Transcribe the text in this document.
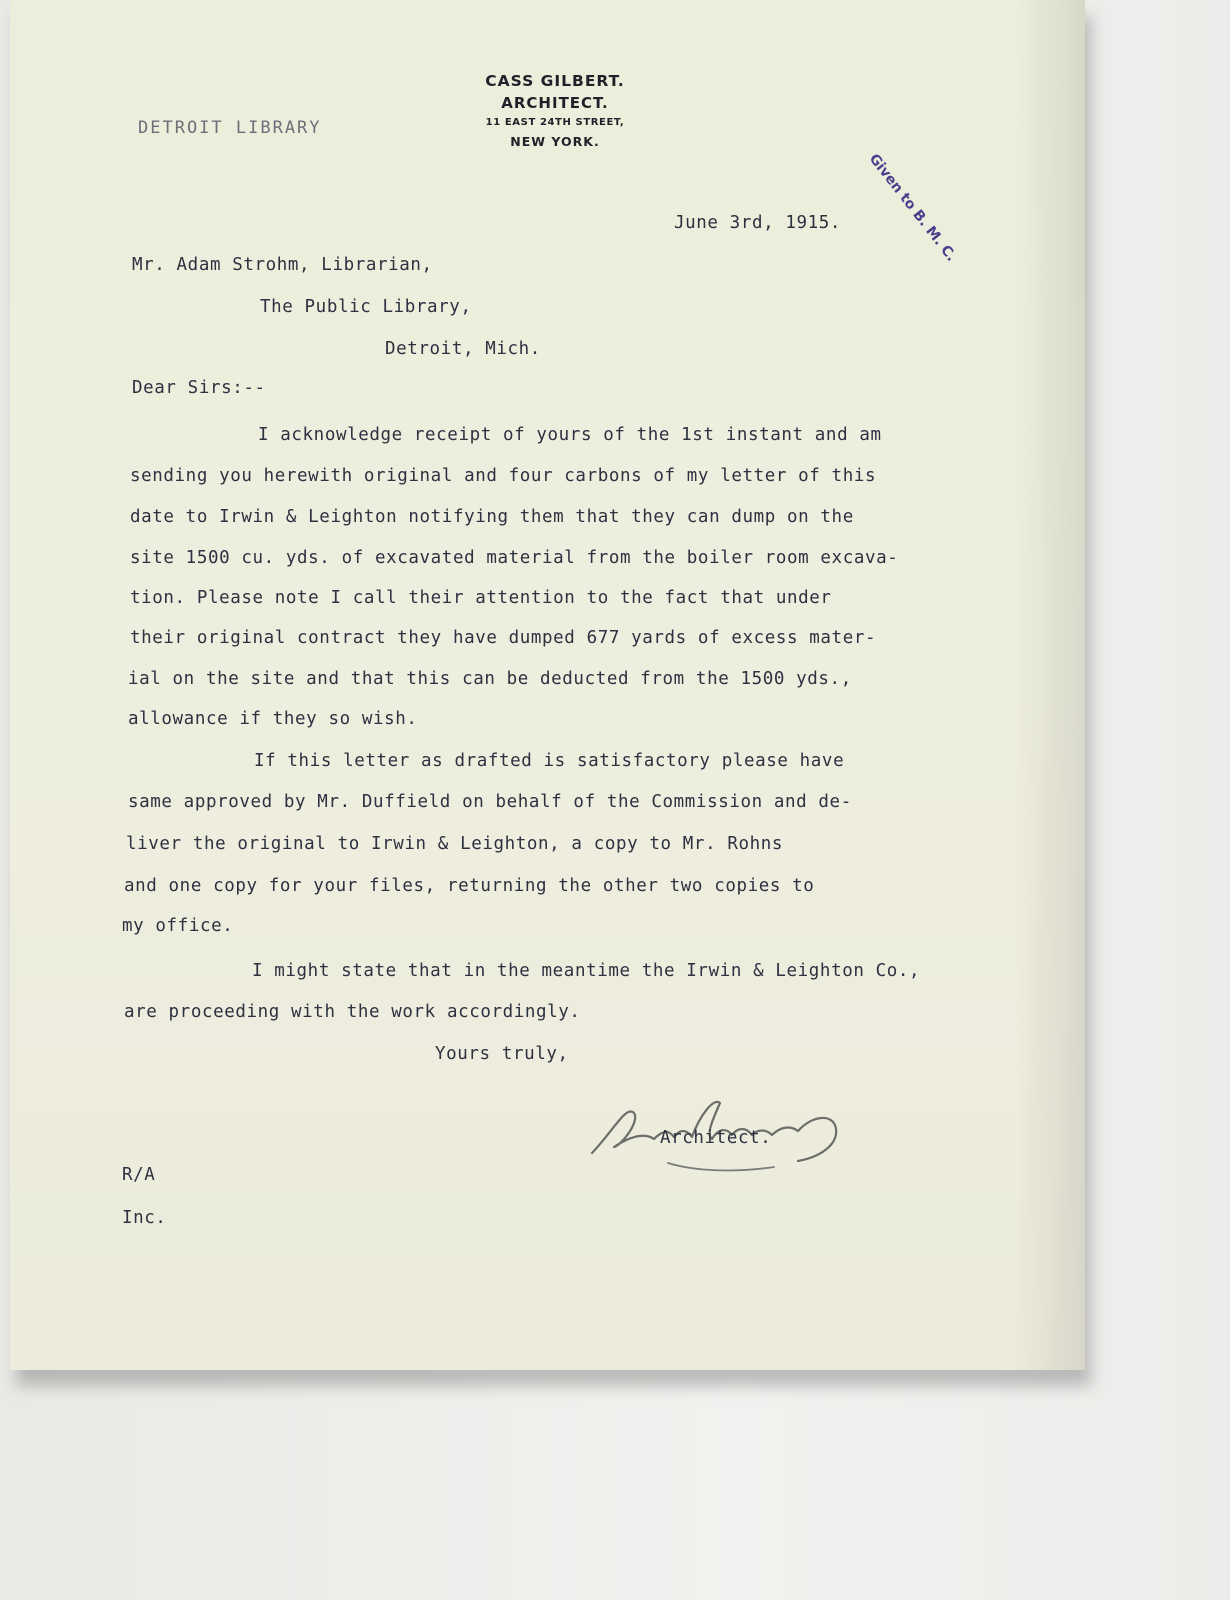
DETROIT LIBRARY
CASS GILBERT.
ARCHITECT.
11 EAST 24TH STREET,
NEW YORK.
Given to B. M. C.
June 3rd, 1915.
Mr. Adam Strohm, Librarian,
The Public Library,
Detroit, Mich.
Dear Sirs:--
I acknowledge receipt of yours of the 1st instant and am
sending you herewith original and four carbons of my letter of this
date to Irwin & Leighton notifying them that they can dump on the
site 1500 cu. yds. of excavated material from the boiler room excava-
tion. Please note I call their attention to the fact that under
their original contract they have dumped 677 yards of excess mater-
ial on the site and that this can be deducted from the 1500 yds.,
allowance if they so wish.
If this letter as drafted is satisfactory please have
same approved by Mr. Duffield on behalf of the Commission and de-
liver the original to Irwin & Leighton, a copy to Mr. Rohns
and one copy for your files, returning the other two copies to
my office.
I might state that in the meantime the Irwin & Leighton Co.,
are proceeding with the work accordingly.
Yours truly,
Architect.
R/A
Inc.
